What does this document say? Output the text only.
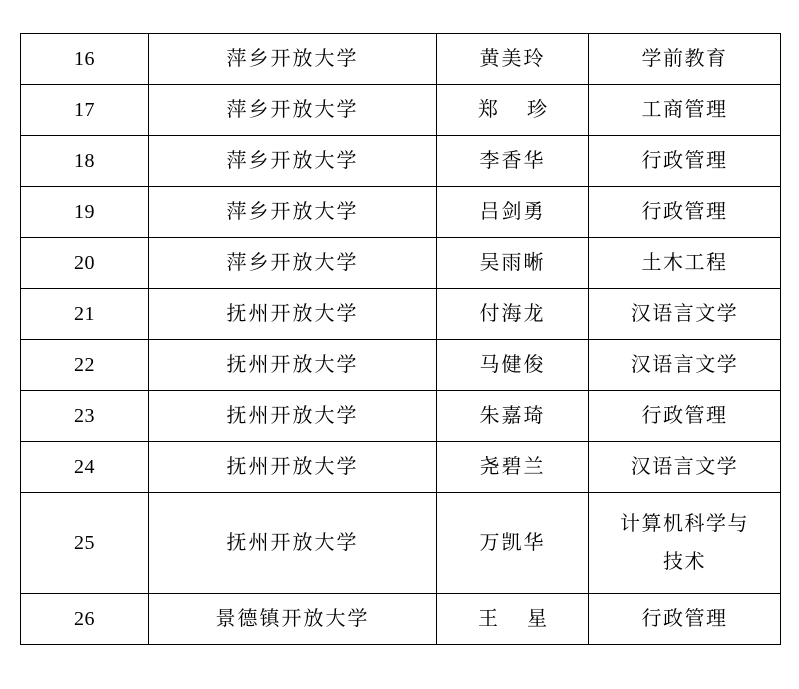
16	萍乡开放大学	黄美玲	学前教育
17	萍乡开放大学	郑 珍	工商管理
18	萍乡开放大学	李香华	行政管理
19	萍乡开放大学	吕剑勇	行政管理
20	萍乡开放大学	吴雨晰	土木工程
21	抚州开放大学	付海龙	汉语言文学
22	抚州开放大学	马健俊	汉语言文学
23	抚州开放大学	朱嘉琦	行政管理
24	抚州开放大学	尧碧兰	汉语言文学
25	抚州开放大学	万凯华	计算机科学与
技术

26	景德镇开放大学	王 星	行政管理
